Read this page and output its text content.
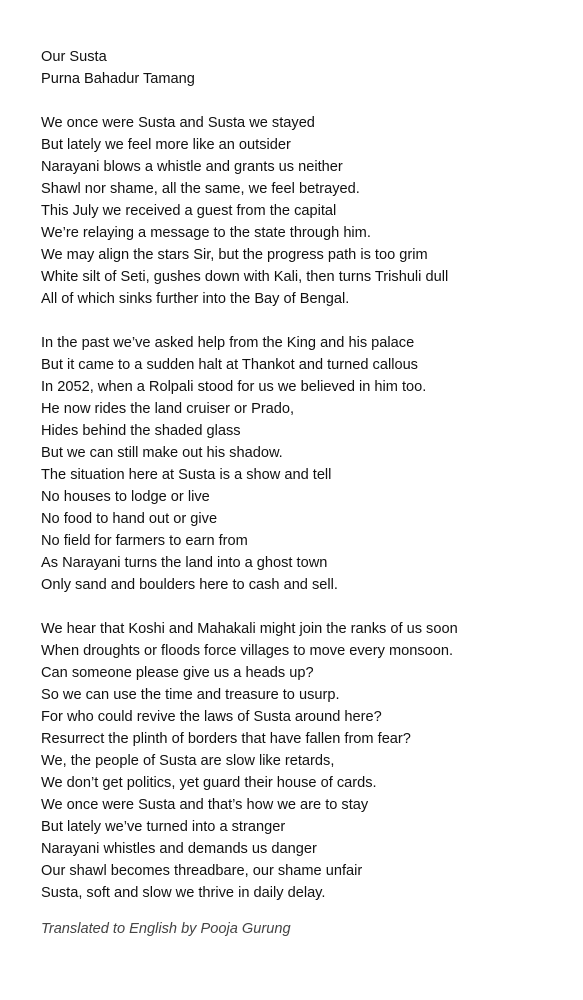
Our Susta
Purna Bahadur Tamang
We once were Susta and Susta we stayed
But lately we feel more like an outsider
Narayani blows a whistle and grants us neither
Shawl nor shame, all the same, we feel betrayed.
This July we received a guest from the capital
We’re relaying a message to the state through him.
We may align the stars Sir, but the progress path is too grim
White silt of Seti, gushes down with Kali, then turns Trishuli dull
All of which sinks further into the Bay of Bengal.
In the past we’ve asked help from the King and his palace
But it came to a sudden halt at Thankot and turned callous
In 2052, when a Rolpali stood for us we believed in him too.
He now rides the land cruiser or Prado,
Hides behind the shaded glass
But we can still make out his shadow.
The situation here at Susta is a show and tell
No houses to lodge or live
No food to hand out or give
No field for farmers to earn from
As Narayani turns the land into a ghost town
Only sand and boulders here to cash and sell.
We hear that Koshi and Mahakali might join the ranks of us soon
When droughts or floods force villages to move every monsoon.
Can someone please give us a heads up?
So we can use the time and treasure to usurp.
For who could revive the laws of Susta around here?
Resurrect the plinth of borders that have fallen from fear?
We, the people of Susta are slow like retards,
We don’t get politics, yet guard their house of cards.
We once were Susta and that’s how we are to stay
But lately we’ve turned into a stranger
Narayani whistles and demands us danger
Our shawl becomes threadbare, our shame unfair
Susta, soft and slow we thrive in daily delay.
Translated to English by Pooja Gurung
